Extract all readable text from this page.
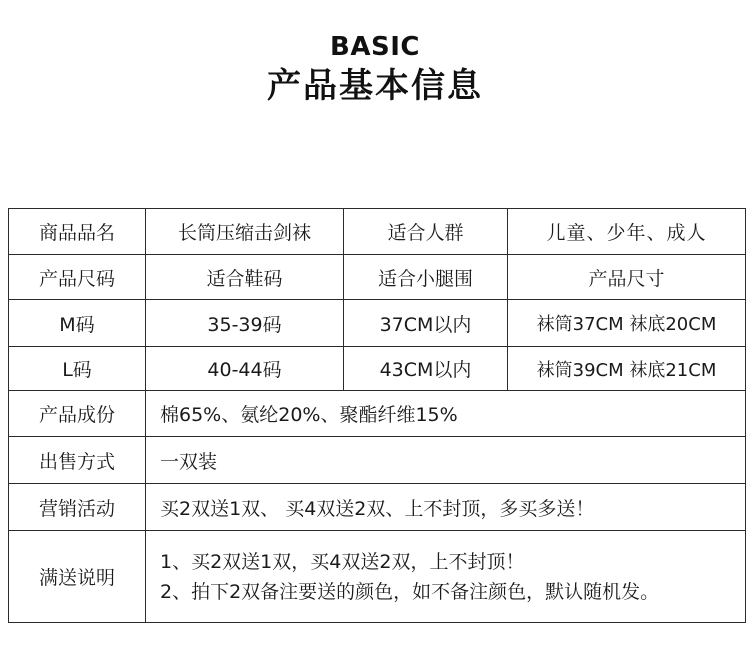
BASIC
产品基本信息
商品品名	长筒压缩击剑袜	适合人群	儿童、少年、成人
产品尺码	适合鞋码	适合小腿围	产品尺寸
M码	35-39码	37CM以内	袜筒37CM 袜底20CM
L码	40-44码	43CM以内	袜筒39CM 袜底21CM
产品成份	棉65%、氨纶20%、聚酯纤维15%		
出售方式	一双装		
营销活动	买2双送1双、 买4双送2双、上不封顶，多买多送！		
满送说明	1、买2双送1双，买4双送2双，上不封顶！
2、拍下2双备注要送的颜色，如不备注颜色，默认随机发。		
